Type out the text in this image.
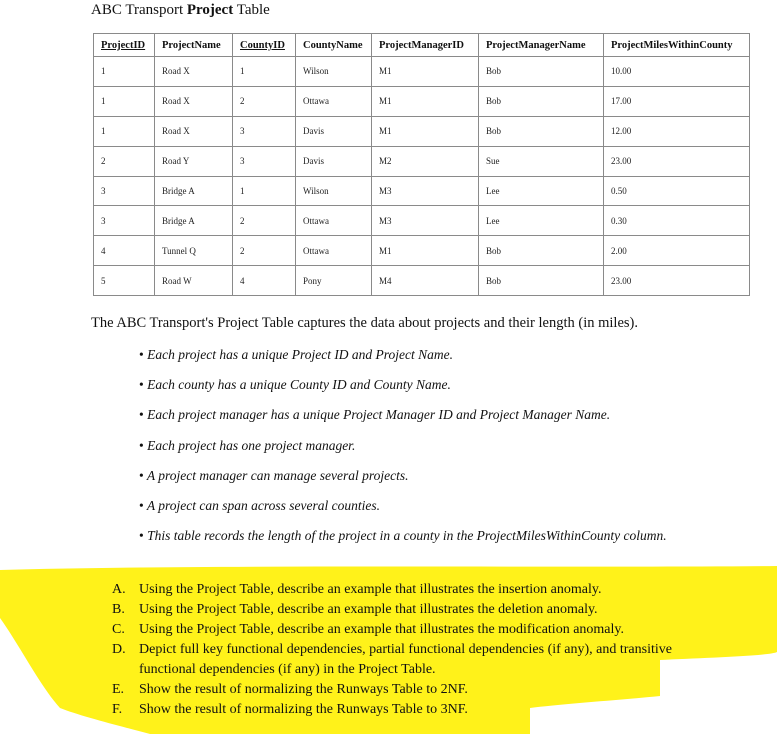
ABC Transport Project Table
ProjectID	ProjectName	CountyID	CountyName	ProjectManagerID	ProjectManagerName	ProjectMilesWithinCounty
1	Road X	1	Wilson	M1	Bob	10.00
1	Road X	2	Ottawa	M1	Bob	17.00
1	Road X	3	Davis	M1	Bob	12.00
2	Road Y	3	Davis	M2	Sue	23.00
3	Bridge A	1	Wilson	M3	Lee	0.50
3	Bridge A	2	Ottawa	M3	Lee	0.30
4	Tunnel Q	2	Ottawa	M1	Bob	2.00
5	Road W	4	Pony	M4	Bob	23.00
The ABC Transport's Project Table captures the data about projects and their length (in miles).
• Each project has a unique Project ID and Project Name.
• Each county has a unique County ID and County Name.
• Each project manager has a unique Project Manager ID and Project Manager Name.
• Each project has one project manager.
• A project manager can manage several projects.
• A project can span across several counties.
• This table records the length of the project in a county in the ProjectMilesWithinCounty column.
A. Using the Project Table, describe an example that illustrates the insertion anomaly.
B.	Using the Project Table, describe an example that illustrates the deletion anomaly.
C.	Using the Project Table, describe an example that illustrates the modification anomaly.
D. Depict full key functional dependencies, partial functional dependencies (if any), and transitive functional dependencies (if any) in the Project Table.
E.	Show the result of normalizing the Runways Table to 2NF.
F.	Show the result of normalizing the Runways Table to 3NF.
